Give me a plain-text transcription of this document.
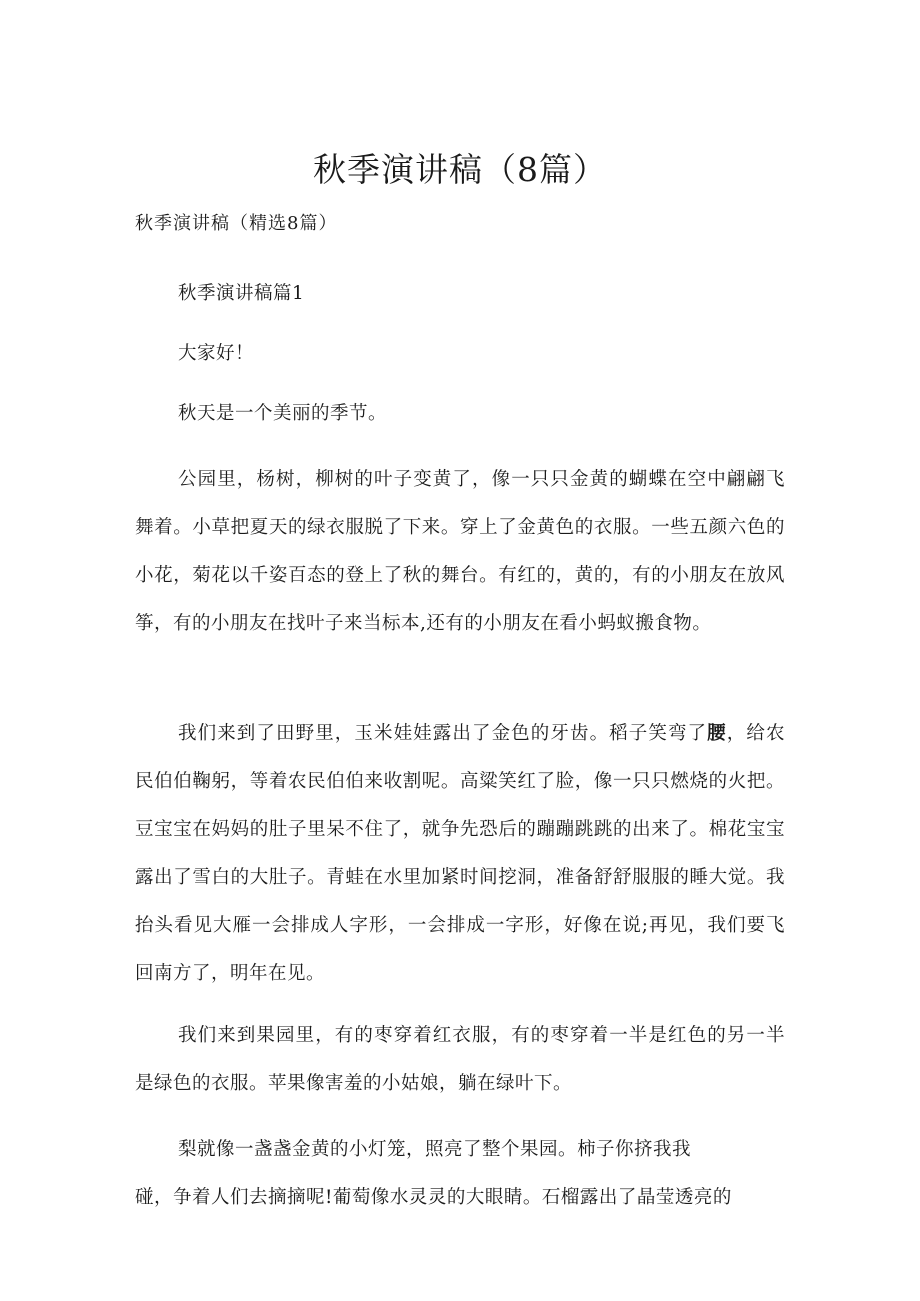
秋季演讲稿（8篇）

秋季演讲稿（精选8篇）

秋季演讲稿篇1

大家好！

秋天是一个美丽的季节。

公园里，杨树，柳树的叶子变黄了，像一只只金黄的蝴蝶在空中翩翩飞舞着。小草把夏天的绿衣服脱了下来。穿上了金黄色的衣服。一些五颜六色的小花，菊花以千姿百态的登上了秋的舞台。有红的，黄的，有的小朋友在放风筝，有的小朋友在找叶子来当标本,还有的小朋友在看小蚂蚁搬食物。

我们来到了田野里，玉米娃娃露出了金色的牙齿。稻子笑弯了腰，给农民伯伯鞠躬，等着农民伯伯来收割呢。高粱笑红了脸，像一只只燃烧的火把。豆宝宝在妈妈的肚子里呆不住了，就争先恐后的蹦蹦跳跳的出来了。棉花宝宝露出了雪白的大肚子。青蛙在水里加紧时间挖洞，准备舒舒服服的睡大觉。我抬头看见大雁一会排成人字形，一会排成一字形，好像在说;再见，我们要飞回南方了，明年在见。

我们来到果园里，有的枣穿着红衣服，有的枣穿着一半是红色的另一半是绿色的衣服。苹果像害羞的小姑娘，躺在绿叶下。

梨就像一盏盏金黄的小灯笼，照亮了整个果园。柿子你挤我我

碰，争着人们去摘摘呢!葡萄像水灵灵的大眼睛。石榴露出了晶莹透亮的
